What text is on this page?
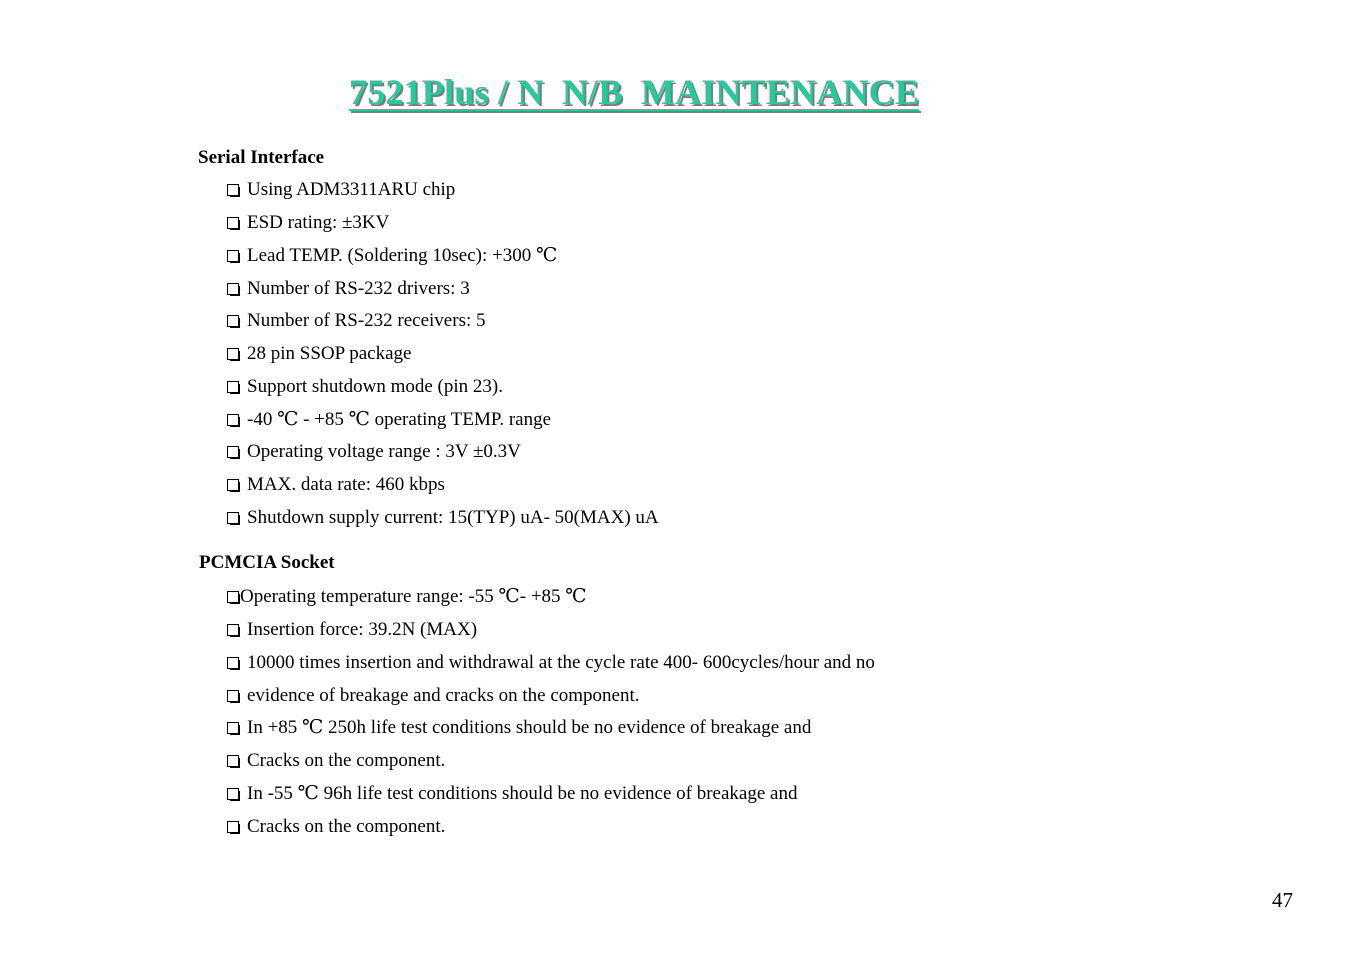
7521Plus / N  N/B  MAINTENANCE
Serial Interface
Using ADM3311ARU chip
ESD rating: ±3KV
Lead TEMP. (Soldering 10sec): +300 ℃
Number of RS-232 drivers: 3
Number of RS-232 receivers: 5
28 pin SSOP package
Support shutdown mode (pin 23).
-40 ℃ - +85 ℃ operating TEMP. range
Operating voltage range : 3V ±0.3V
MAX. data rate: 460 kbps
Shutdown supply current: 15(TYP) uA- 50(MAX) uA
PCMCIA Socket
Operating temperature range: -55 ℃- +85 ℃
Insertion force: 39.2N (MAX)
10000 times insertion and withdrawal at the cycle rate 400- 600cycles/hour and no
evidence of breakage and cracks on the component.
In +85 ℃ 250h life test conditions should be no evidence of breakage and
Cracks on the component.
In -55 ℃ 96h life test conditions should be no evidence of breakage and
Cracks on the component.
47
